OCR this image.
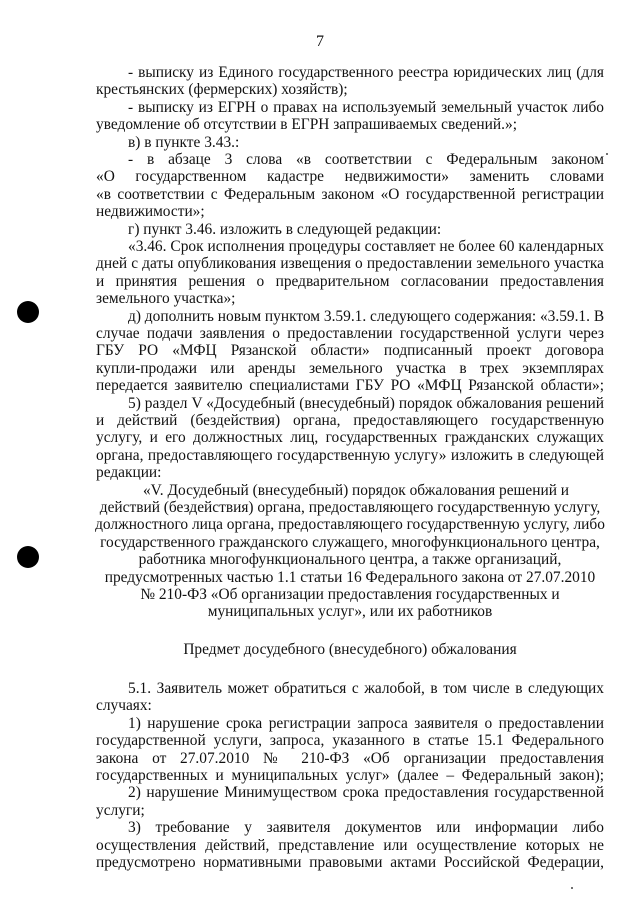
7
- выписку из Единого государственного реестра юридических лиц (для
крестьянских (фермерских) хозяйств);
- выписку из ЕГРН о правах на используемый земельный участок либо
уведомление об отсутствии в ЕГРН запрашиваемых сведений.»;
в) в пункте 3.43.:
- в абзаце 3 слова «в соответствии с Федеральным законом
«О государственном кадастре недвижимости» заменить словами
«в соответствии с Федеральным законом «О государственной регистрации
недвижимости»;
г) пункт 3.46. изложить в следующей редакции:
«3.46. Срок исполнения процедуры составляет не более 60 календарных
дней с даты опубликования извещения о предоставлении земельного участка
и принятия решения о предварительном согласовании предоставления
земельного участка»;
д) дополнить новым пунктом 3.59.1. следующего содержания: «3.59.1. В
случае подачи заявления о предоставлении государственной услуги через
ГБУ РО «МФЦ Рязанской области» подписанный проект договора
купли-продажи или аренды земельного участка в трех экземплярах
передается заявителю специалистами ГБУ РО «МФЦ Рязанской области»;
5) раздел V «Досудебный (внесудебный) порядок обжалования решений
и действий (бездействия) органа, предоставляющего государственную
услугу, и его должностных лиц, государственных гражданских служащих
органа, предоставляющего государственную услугу» изложить в следующей
редакции:
«V. Досудебный (внесудебный) порядок обжалования решений и
действий (бездействия) органа, предоставляющего государственную услугу,
должностного лица органа, предоставляющего государственную услугу, либо
государственного гражданского служащего, многофункционального центра,
работника многофункционального центра, а также организаций,
предусмотренных частью 1.1 статьи 16 Федерального закона от 27.07.2010
№ 210-ФЗ «Об организации предоставления государственных и
муниципальных услуг», или их работников
Предмет досудебного (внесудебного) обжалования
5.1. Заявитель может обратиться с жалобой, в том числе в следующих
случаях:
1) нарушение срока регистрации запроса заявителя о предоставлении
государственной услуги, запроса, указанного в статье 15.1 Федерального
закона от 27.07.2010 № 210-ФЗ «Об организации предоставления
государственных и муниципальных услуг» (далее – Федеральный закон);
2) нарушение Минимуществом срока предоставления государственной
услуги;
3) требование у заявителя документов или информации либо
осуществления действий, представление или осуществление которых не
предусмотрено нормативными правовыми актами Российской Федерации,
